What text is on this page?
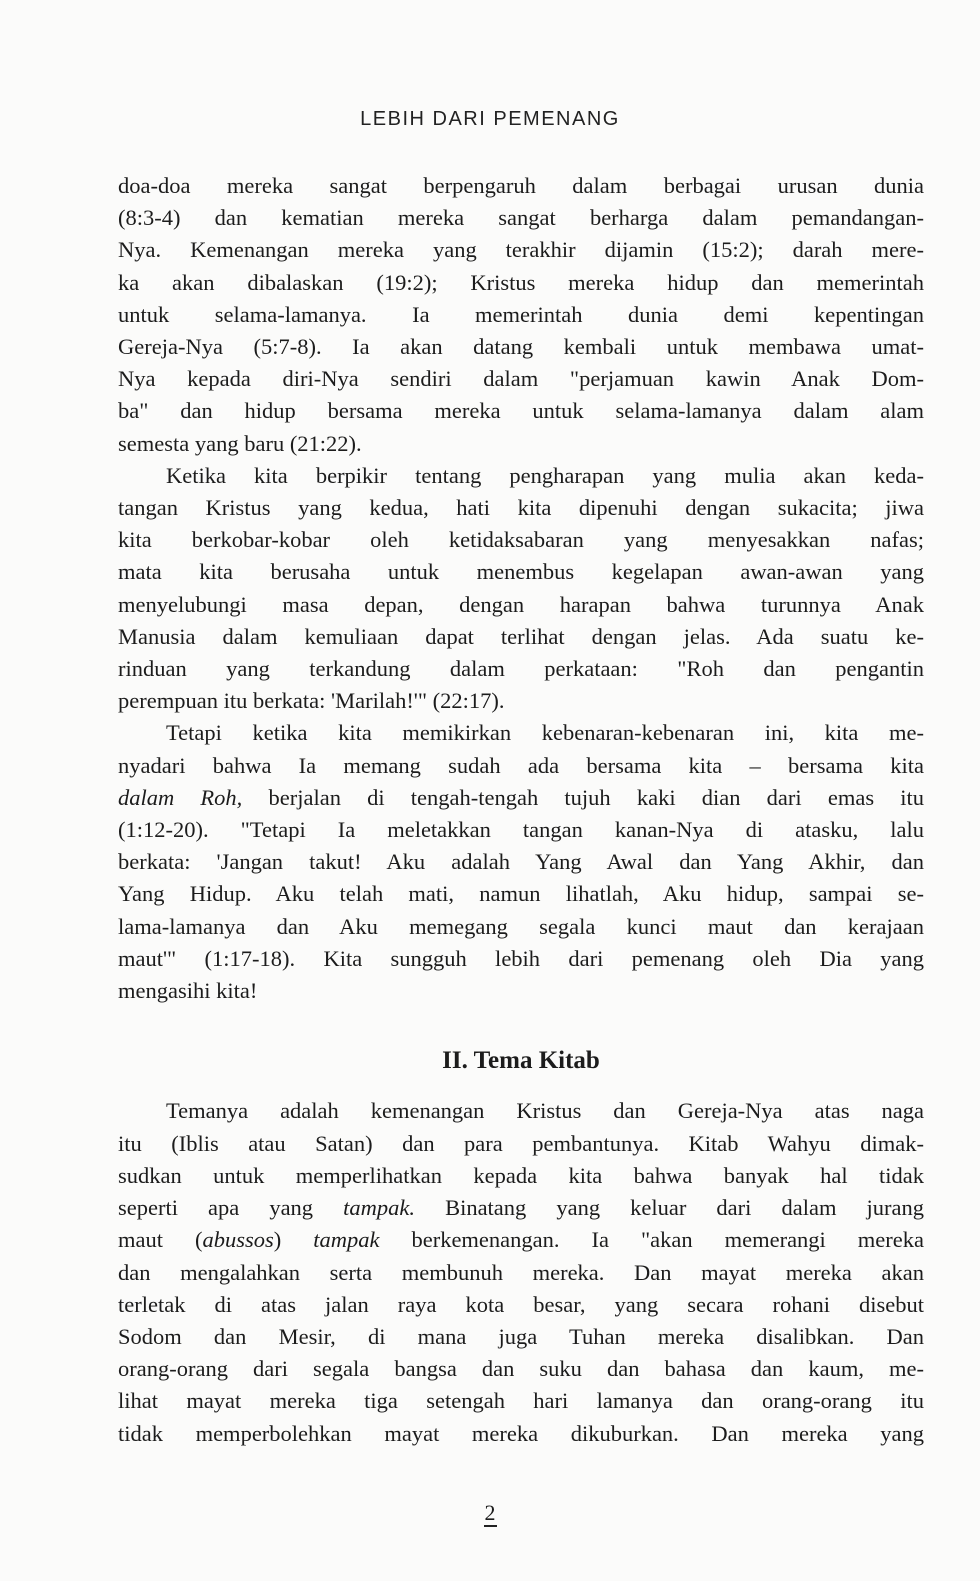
LEBIH DARI PEMENANG

doa-doa mereka sangat berpengaruh dalam berbagai urusan dunia
(8:3-4) dan kematian mereka sangat berharga dalam pemandangan-
Nya. Kemenangan mereka yang terakhir dijamin (15:2); darah mere-
ka akan dibalaskan (19:2); Kristus mereka hidup dan memerintah
untuk selama-lamanya. Ia memerintah dunia demi kepentingan
Gereja-Nya (5:7-8). Ia akan datang kembali untuk membawa umat-
Nya kepada diri-Nya sendiri dalam "perjamuan kawin Anak Dom-
ba" dan hidup bersama mereka untuk selama-lamanya dalam alam
semesta yang baru (21:22).

Ketika kita berpikir tentang pengharapan yang mulia akan keda-
tangan Kristus yang kedua, hati kita dipenuhi dengan sukacita; jiwa
kita berkobar-kobar oleh ketidaksabaran yang menyesakkan nafas;
mata kita berusaha untuk menembus kegelapan awan-awan yang
menyelubungi masa depan, dengan harapan bahwa turunnya Anak
Manusia dalam kemuliaan dapat terlihat dengan jelas. Ada suatu ke-
rinduan yang terkandung dalam perkataan: "Roh dan pengantin
perempuan itu berkata: 'Marilah!'" (22:17).

Tetapi ketika kita memikirkan kebenaran-kebenaran ini, kita me-
nyadari bahwa Ia memang sudah ada bersama kita – bersama kita
dalam Roh, berjalan di tengah-tengah tujuh kaki dian dari emas itu
(1:12-20). "Tetapi Ia meletakkan tangan kanan-Nya di atasku, lalu
berkata: 'Jangan takut! Aku adalah Yang Awal dan Yang Akhir, dan
Yang Hidup. Aku telah mati, namun lihatlah, Aku hidup, sampai se-
lama-lamanya dan Aku memegang segala kunci maut dan kerajaan
maut'" (1:17-18). Kita sungguh lebih dari pemenang oleh Dia yang
mengasihi kita!

II. Tema Kitab

Temanya adalah kemenangan Kristus dan Gereja-Nya atas naga
itu (Iblis atau Satan) dan para pembantunya. Kitab Wahyu dimak-
sudkan untuk memperlihatkan kepada kita bahwa banyak hal tidak
seperti apa yang tampak. Binatang yang keluar dari dalam jurang
maut (abussos) tampak berkemenangan. Ia "akan memerangi mereka
dan mengalahkan serta membunuh mereka. Dan mayat mereka akan
terletak di atas jalan raya kota besar, yang secara rohani disebut
Sodom dan Mesir, di mana juga Tuhan mereka disalibkan. Dan
orang-orang dari segala bangsa dan suku dan bahasa dan kaum, me-
lihat mayat mereka tiga setengah hari lamanya dan orang-orang itu
tidak memperbolehkan mayat mereka dikuburkan. Dan mereka yang

2
